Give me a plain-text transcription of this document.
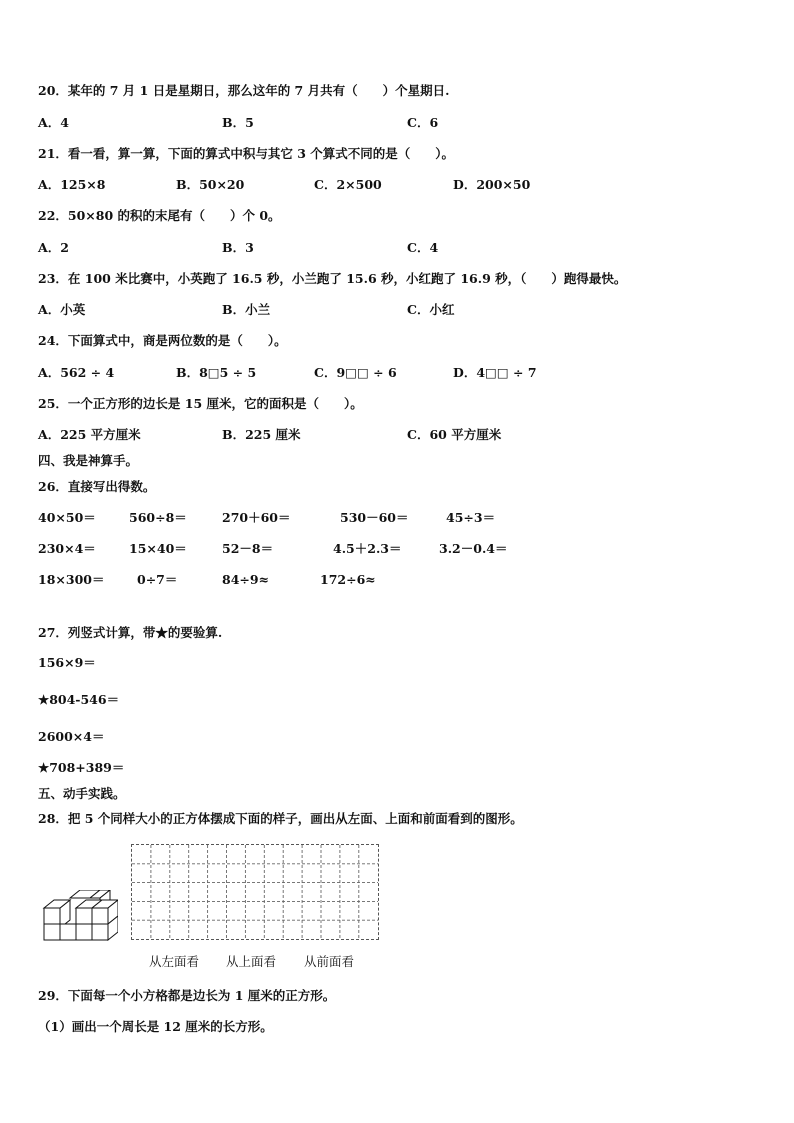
20．某年的 7 月 1 日是星期日，那么这年的 7 月共有（　　）个星期日.
A．4	B．5	C．6
21．看一看，算一算，下面的算式中积与其它 3 个算式不同的是（　　）。
A．125×8	B．50×20	C．2×500	D．200×50
22．50×80 的积的末尾有（　　）个 0。
A．2	B．3	C．4
23．在 100 米比赛中，小英跑了 16.5 秒，小兰跑了 15.6 秒，小红跑了 16.9 秒，（　　）跑得最快。
A．小英	B．小兰	C．小红
24．下面算式中，商是两位数的是（　　）。
A．562 ÷ 4	B．8□5 ÷ 5	C．9□□ ÷ 6	D．4□□ ÷ 7
25．一个正方形的边长是 15 厘米，它的面积是（　　）。
A．225 平方厘米	B．225 厘米	C．60 平方厘米
四、我是神算手。
26．直接写出得数。
40×50＝	560÷8＝	270＋60＝	530－60＝	45÷3＝
230×4＝	15×40＝	52－8＝	4.5＋2.3＝	3.2－0.4＝
18×300＝	0÷7＝	84÷9≈	172÷6≈
27．列竖式计算，带★的要验算.
156×9＝
★804-546＝
2600×4＝
★708+389＝
五、动手实践。
28．把 5 个同样大小的正方体摆成下面的样子，画出从左面、上面和前面看到的图形。
从左面看 从上面看 从前面看
29．下面每一个小方格都是边长为 1 厘米的正方形。
（1）画出一个周长是 12 厘米的长方形。
